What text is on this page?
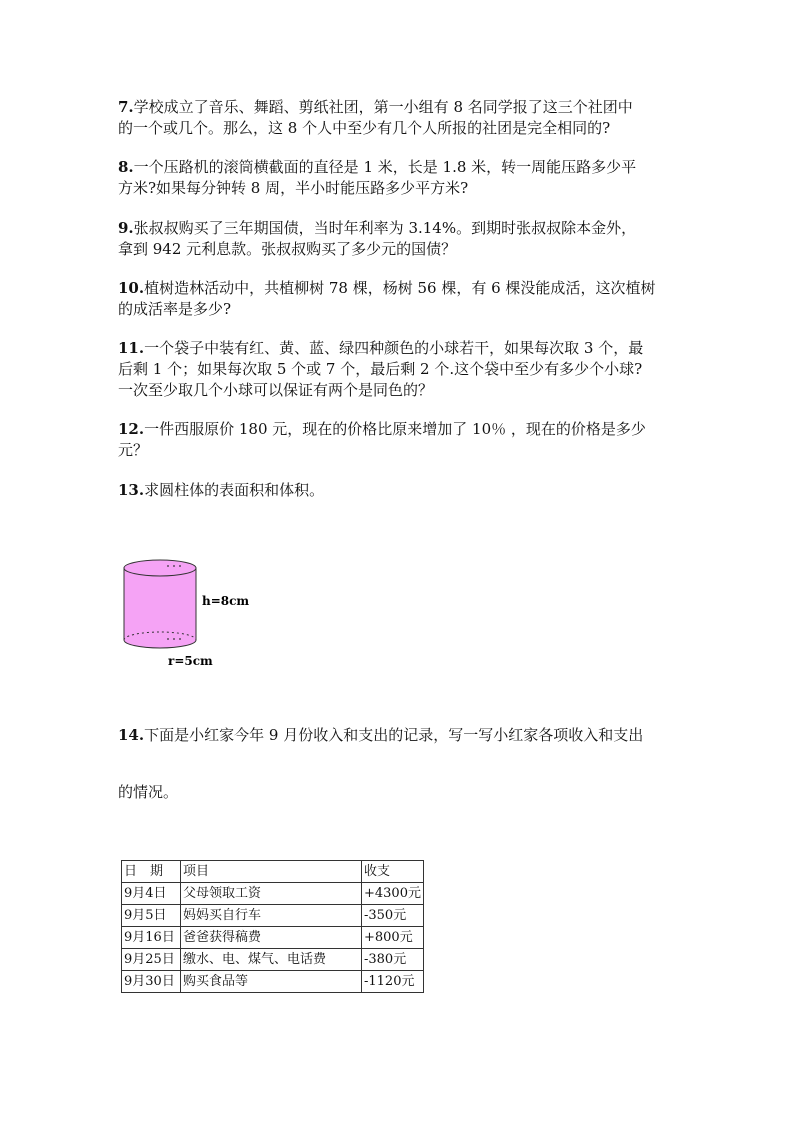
7.学校成立了音乐、舞蹈、剪纸社团，第一小组有 8 名同学报了这三个社团中
的一个或几个。那么，这 8 个人中至少有几个人所报的社团是完全相同的?
8.一个压路机的滚筒横截面的直径是 1 米，长是 1.8 米，转一周能压路多少平
方米?如果每分钟转 8 周，半小时能压路多少平方米?
9.张叔叔购买了三年期国债，当时年利率为 3.14%。到期时张叔叔除本金外，
拿到 942 元利息款。张叔叔购买了多少元的国债？
10.植树造林活动中，共植柳树 78 棵，杨树 56 棵，有 6 棵没能成活，这次植树
的成活率是多少?
11.一个袋子中装有红、黄、蓝、绿四种颜色的小球若干，如果每次取 3 个，最
后剩 1 个；如果每次取 5 个或 7 个，最后剩 2 个.这个袋中至少有多少个小球?
一次至少取几个小球可以保证有两个是同色的？
12.一件西服原价 180 元，现在的价格比原来增加了 10％ ，现在的价格是多少
元？
13.求圆柱体的表面积和体积。
h=8cm
r=5cm
14.下面是小红家今年 9 月份收入和支出的记录，写一写小红家各项收入和支出
的情况。
日　期	项目	收支
9月4日	父母领取工资	+4300元
9月5日	妈妈买自行车	-350元
9月16日	爸爸获得稿费	+800元
9月25日	缴水、电、煤气、电话费	-380元
9月30日	购买食品等	-1120元
